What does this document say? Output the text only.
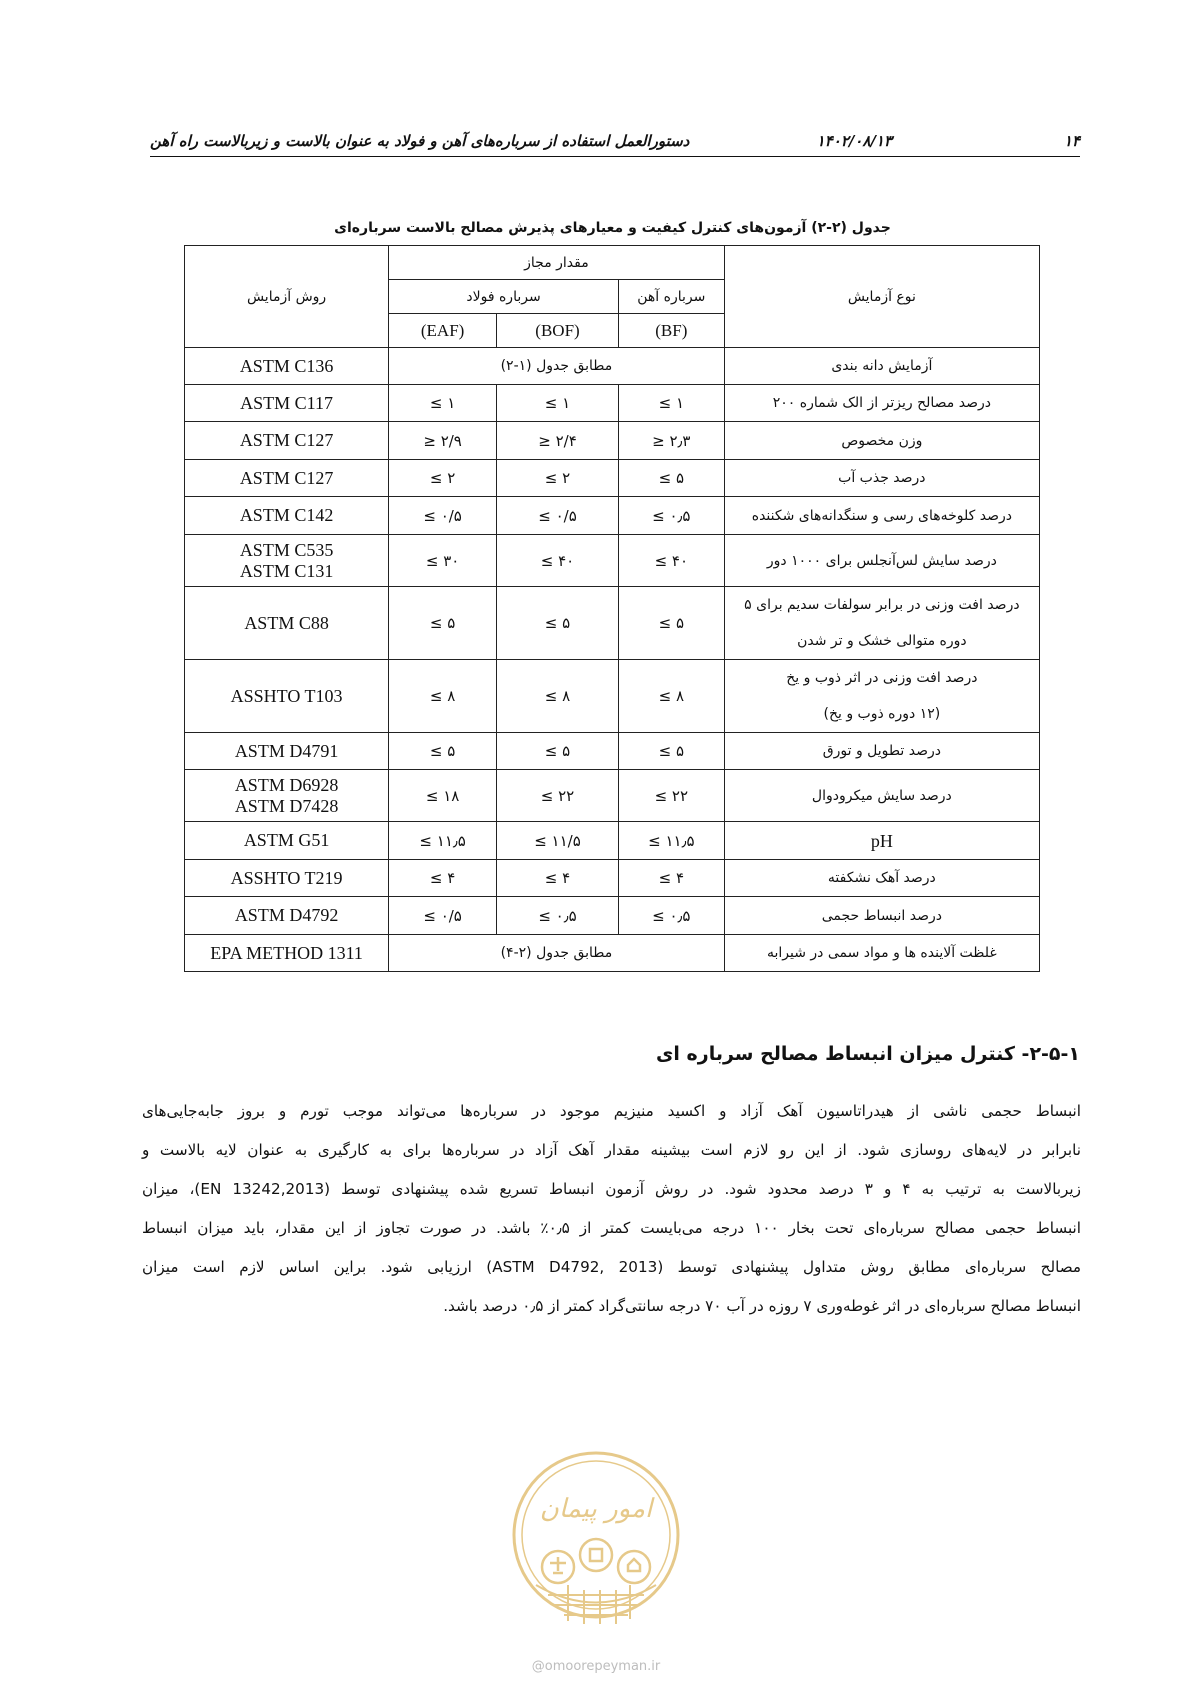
۱۴
۱۴۰۲/۰۸/۱۳
دستورالعمل استفاده از سرباره‌های آهن و فولاد به عنوان بالاست و زیربالاست راه آهن
جدول (۲-۲) آزمون‌های کنترل کیفیت و معیارهای پذیرش مصالح بالاست سرباره‌ای
نوع آزمایش	مقدار مجاز			روش آزمایش
	سرباره آهن	سرباره فولاد		
	(BF)	(BOF)	(EAF)	

آزمایش دانه بندی	مطابق جدول (۱-۲)			ASTM C136

درصد مصالح ریزتر از الک شماره ۲۰۰	≤ ۱	≤ ۱	≤ ۱	ASTM C117

وزن مخصوص	≥ ۲٫۳	≥ ۲/۴	≥ ۲/۹	ASTM C127

درصد جذب آب	≤ ۵	≤ ۲	≤ ۲	ASTM C127

درصد کلوخه‌های رسی و سنگدانه‌های شکننده	≤ ۰٫۵	≤ ۰/۵	≤ ۰/۵	ASTM C142

درصد سایش لس‌آنجلس برای ۱۰۰۰ دور	≤ ۴۰	≤ ۴۰	≤ ۳۰	ASTM C535
ASTM C131

درصد افت وزنی در برابر سولفات سدیم برای ۵
دوره متوالی خشک و تر شدن	≤ ۵	≤ ۵	≤ ۵	ASTM C88

درصد افت وزنی در اثر ذوب و یخ
(۱۲ دوره ذوب و یخ)	≤ ۸	≤ ۸	≤ ۸	ASSHTO T103

درصد تطویل و تورق	≤ ۵	≤ ۵	≤ ۵	ASTM D4791

درصد سایش میکرودوال	≤ ۲۲	≤ ۲۲	≤ ۱۸	ASTM D6928
ASTM D7428

pH	≤ ۱۱٫۵	≤ ۱۱/۵	≤ ۱۱٫۵	ASTM G51

درصد آهک نشکفته	≤ ۴	≤ ۴	≤ ۴	ASSHTO T219

درصد انبساط حجمی	≤ ۰٫۵	≤ ۰٫۵	≤ ۰/۵	ASTM D4792

غلظت آلاینده ها و مواد سمی در شیرابه	مطابق جدول (۲-۴)			EPA METHOD 1311
۲-۵-۱- کنترل میزان انبساط مصالح سرباره ای
انبساط حجمی ناشی از هیدراتاسیون آهک آزاد و اکسید منیزیم موجود در سرباره‌ها می‌تواند موجب تورم و بروز جابه‌جایی‌های
نابرابر در لایه‌های روسازی شود. از این رو لازم است بیشینه مقدار آهک آزاد در سرباره‌ها برای به کارگیری به عنوان لایه بالاست و
زیربالاست به ترتیب به ۴ و ۳ درصد محدود شود. در روش آزمون انبساط تسریع شده پیشنهادی توسط (EN 13242,2013)، میزان
انبساط حجمی مصالح سرباره‌ای تحت بخار ۱۰۰ درجه می‌بایست کمتر از ۰٫۵٪ باشد. در صورت تجاوز از این مقدار، باید میزان انبساط
مصالح سرباره‌ای مطابق روش متداول پیشنهادی توسط (ASTM D4792, 2013) ارزیابی شود. براین اساس لازم است میزان
انبساط مصالح سرباره‌ای در اثر غوطه‌وری ۷ روزه در آب ۷۰ درجه سانتی‌گراد کمتر از ۰٫۵ درصد باشد.
امور پیمان
@omoorepeyman.ir
